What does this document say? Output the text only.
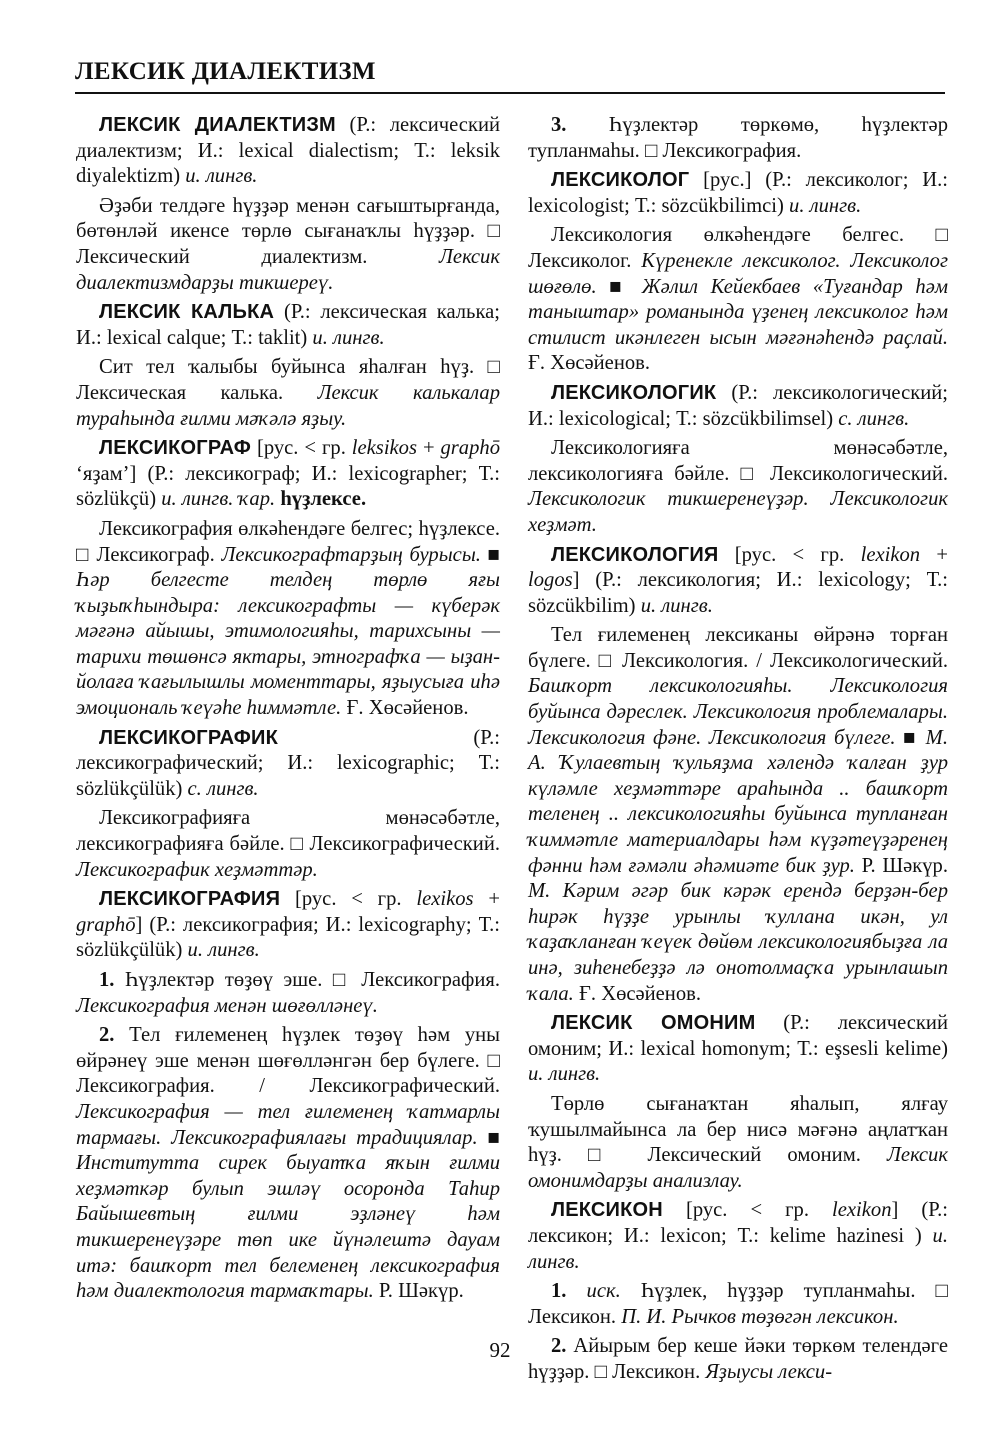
ЛЕКСИК ДИАЛЕКТИЗМ

ЛЕКСИК ДИАЛЕКТИЗМ (Р.: лексический диалектизм; И.: lexical dialectism; Т.: leksik diyalektizm) и. лингв.

Әҙәби телдәге һүҙҙәр менән сағыштырғанда, бөтөнләй икенсе төрлө сығанаҡлы һүҙҙәр. □ Лексический диалектизм. Лексик диалектизмдарҙы тикшереү.

ЛЕКСИК КАЛЬКА (Р.: лексическая калька; И.: lexical calque; Т.: taklit) и. лингв.

Сит тел ҡалыбы буйынса яһалған һүҙ. □ Лексическая калька. Лексик калькалар тураһында ғилми мәҡәлә яҙыу.

ЛЕКСИКОГРАФ [рус. < гр. leksikos + graphō ‘яҙам’] (Р.: лексикограф; И.: lexicographer; Т.: sözlükçü) и. лингв. ҡар. һүҙлексе.

Лексикография өлкәһендәге белгес; һүҙлексе. □ Лексикограф. Лексикографтарҙың бурысы. ■ Һәр белгесте телдең төрлө яғы ҡыҙыҡһындыра: лексикографты — күберәк мәғәнә айышы, этимологияһы, тарихсыны — тарихи төшөнсә яктары, этнографҡа — ыҙан-йолаға ҡағылышлы моменттары, яҙыусыға иһә эмоциональ ҡеүәһе һиммәтле. Ғ. Хөсәйенов.

ЛЕКСИКОГРАФИК (Р.: лексикографический; И.: lexicographic; Т.: sözlükçülük) с. лингв.

Лексикографияға мөнәсәбәтле, лексикографияға бәйле. □ Лексикографический. Лексикографик хеҙмәттәр.

ЛЕКСИКОГРАФИЯ [рус. < гр. lexikos + graphō] (Р.: лексикография; И.: lexicography; Т.: sözlükçülük) и. лингв.

1. Һүҙлектәр төҙөү эше. □ Лексикография. Лексикография менән шөғөлләнеү.

2. Тел ғилеменең һүҙлек төҙөү һәм уны өйрәнеү эше менән шөғөлләнгән бер бүлеге. □ Лексикография. / Лексикографический. Лексикография — тел ғилеменең ҡатмарлы тармағы. Лексикографиялағы традициялар. ■ Институтта сирек быуатҡа яҡын ғилми хеҙмәткәр булып эшләү осоронда Таһир Байышевтың ғилми эҙләнеү һәм тикшеренеүҙәре төп ике йүнәлештә дауам итә: башҡорт тел белеменең лексикография һәм диалектология тармаҡтары. Р. Шәкүр.

3. Һүҙлектәр төркөмө, һүҙлектәр тупланмаһы. □ Лексикография.

ЛЕКСИКОЛОГ [рус.] (Р.: лексиколог; И.: lexicologist; Т.: sözcükbilimci) и. лингв.

Лексикология өлкәһендәге белгес. □ Лексиколог. Күренекле лексиколог. Лексиколог шөғөлө. ■ Жәлил Кейекбаев «Туғандар һәм таныштар» романында үҙенең лексиколог һәм стилист икәнлеген ысын мәғәнәһендә раҫлай. Ғ. Хөсәйенов.

ЛЕКСИКОЛОГИК (Р.: лексикологический; И.: lexicological; Т.: sözcükbilimsel) с. лингв.

Лексикологияға мөнәсәбәтле, лексикологияға бәйле. □ Лексикологический. Лексикологик тикшеренеүҙәр. Лексикологик хеҙмәт.

ЛЕКСИКОЛОГИЯ [рус. < гр. lexikon + logos] (Р.: лексикология; И.: lexicology; Т.: sözcükbilim) и. лингв.

Тел ғилеменең лексиканы өйрәнә торған бүлеге. □ Лексикология. / Лексикологический. Башҡорт лексикологияһы. Лексикология буйынса дәреслек. Лексикология проблемалары. Лексикология фәне. Лексикология бүлеге. ■ М. А. Ҡулаевтың ҡульяҙма хәлендә ҡалған ҙур күләмле хеҙмәттәре араһында .. башҡорт теленең .. лексикологияһы буйынса тупланған ҡиммәтле материалдары һәм күҙәтеүҙәренең фәнни һәм ғәмәли әһәмиәте бик ҙур. Р. Шәкүр. М. Кәрим әгәр бик кәрәк ерендә берҙән-бер һирәк һүҙҙе урынлы ҡуллана икән, ул ҡаҙаҡланған ҡеүек дөйөм лексикологиябыҙға ла инә, зиһенебеҙҙә лә онотолмаҫҡа урынлашып ҡала. Ғ. Хөсәйенов.

ЛЕКСИК ОМОНИМ (Р.: лексический омоним; И.: lexical homonym; Т.: eşsesli kelime) и. лингв.

Төрлө сығанаҡтан яһалып, ялғау ҡушылмайынса ла бер нисә мәғәнә аңлатҡан һүҙ. □ Лексический омоним. Лексик омонимдарҙы анализлау.

ЛЕКСИКОН [рус. < гр. lexikon] (Р.: лексикон; И.: lexicon; Т.: kelime hazinesi ) и. лингв.

1. иск. Һүҙлек, һүҙҙәр тупланмаһы. □ Лексикон. П. И. Рычков төҙөгән лексикон.

2. Айырым бер кеше йәки төркөм телендәге һүҙҙәр. □ Лексикон. Яҙыусы лекси-

92
